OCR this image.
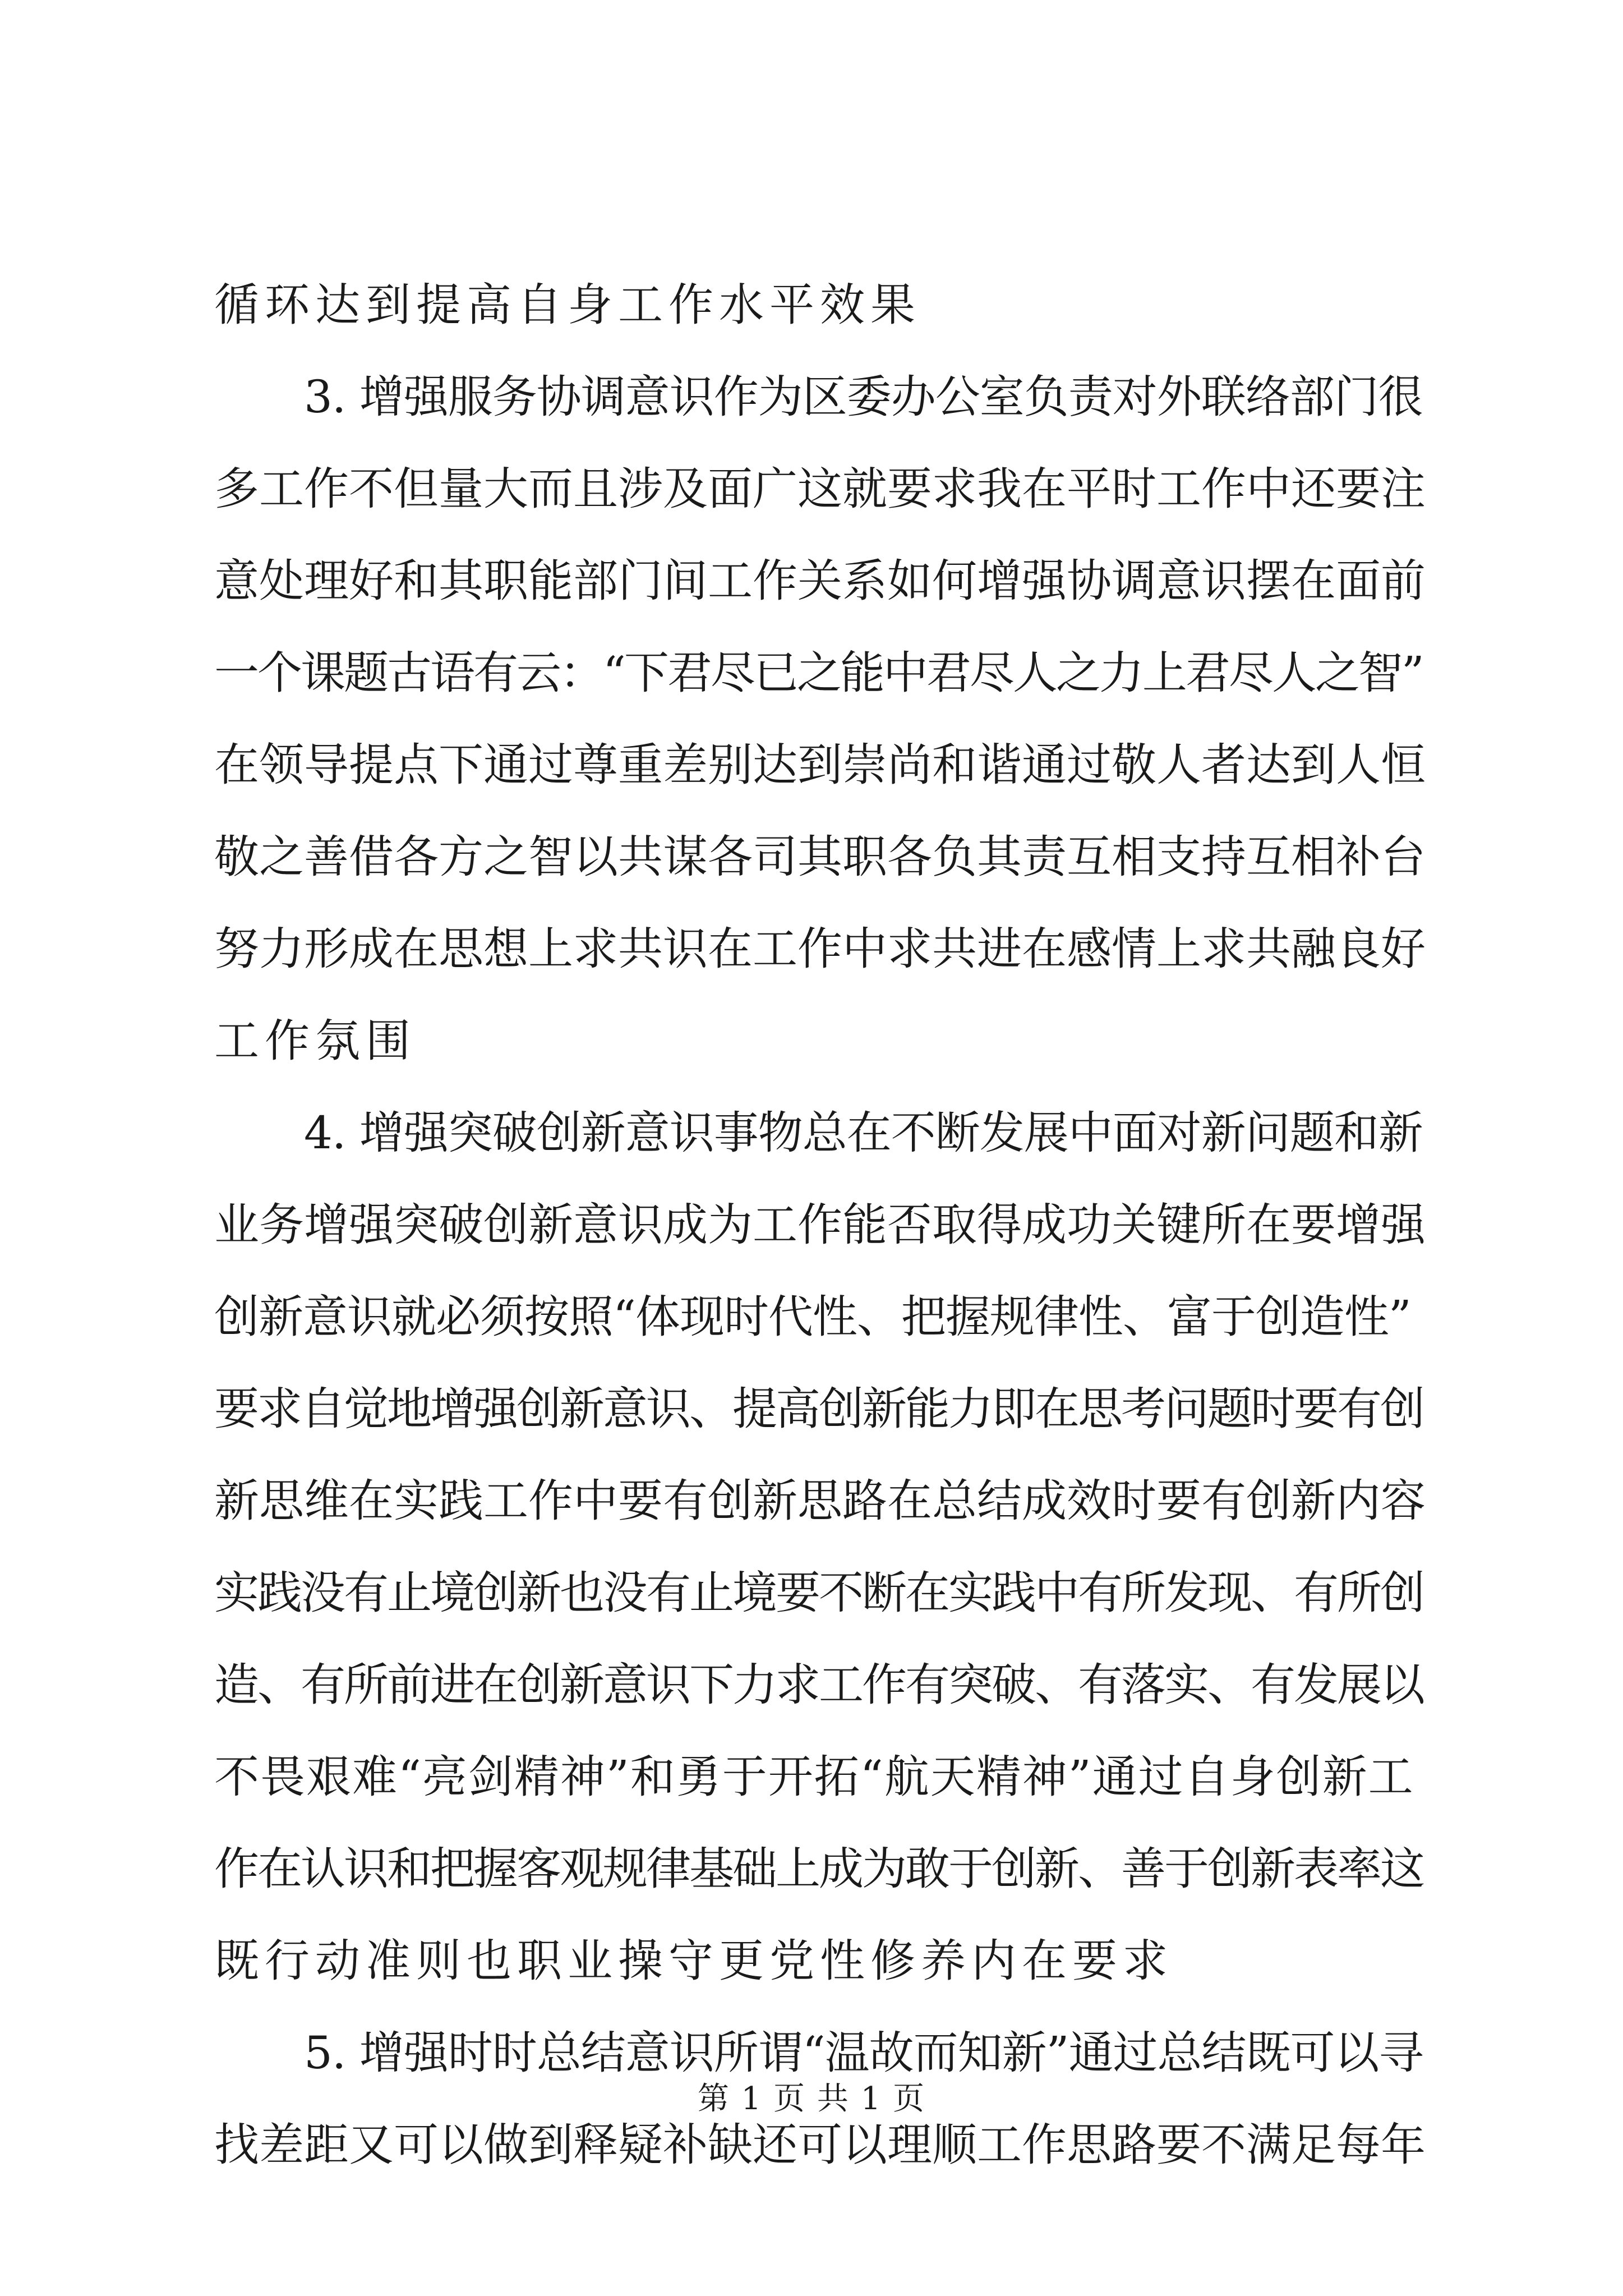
循环达到提高自身工作水平效果
3. 增强服务协调意识作为区委办公室负责对外联络部门很
多工作不但量大而且涉及面广这就要求我在平时工作中还要注
意处理好和其职能部门间工作关系如何增强协调意识摆在面前
一个课题古语有云：“下君尽已之能中君尽人之力上君尽人之智”
在领导提点下通过尊重差别达到崇尚和谐通过敬人者达到人恒
敬之善借各方之智以共谋各司其职各负其责互相支持互相补台
努力形成在思想上求共识在工作中求共进在感情上求共融良好
工作氛围
4. 增强突破创新意识事物总在不断发展中面对新问题和新
业务增强突破创新意识成为工作能否取得成功关键所在要增强
创新意识就必须按照“体现时代性、把握规律性、富于创造性”
要求自觉地增强创新意识、提高创新能力即在思考问题时要有创
新思维在实践工作中要有创新思路在总结成效时要有创新内容
实践没有止境创新也没有止境要不断在实践中有所发现、有所创
造、有所前进在创新意识下力求工作有突破、有落实、有发展以
不畏艰难“亮剑精神”和勇于开拓“航天精神”通过自身创新工
作在认识和把握客观规律基础上成为敢于创新、善于创新表率这
既行动准则也职业操守更党性修养内在要求
5. 增强时时总结意识所谓“温故而知新”通过总结既可以寻
找差距又可以做到释疑补缺还可以理顺工作思路要不满足每年
第 1 页 共 1 页
